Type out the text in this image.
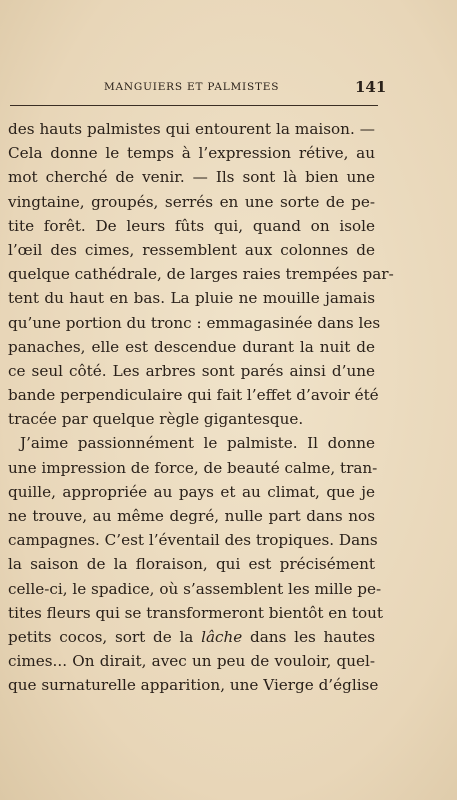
MANGUIERS ET PALMISTES	141
des hauts palmistes qui entourent la maison. —
Cela donne le temps à l’expression rétive, au
mot cherché de venir. — Ils sont là bien une
vingtaine, groupés, serrés en une sorte de pe-
tite forêt. De leurs fûts qui, quand on isole
l’œil des cimes, ressemblent aux colonnes de
quelque cathédrale, de larges raies trempées par-
tent du haut en bas. La pluie ne mouille jamais
qu’une portion du tronc : emmagasinée dans les
panaches, elle est descendue durant la nuit de
ce seul côté. Les arbres sont parés ainsi d’une
bande perpendiculaire qui fait l’effet d’avoir été
tracée par quelque règle gigantesque.
J’aime passionnément le palmiste. Il donne
une impression de force, de beauté calme, tran-
quille, appropriée au pays et au climat, que je
ne trouve, au même degré, nulle part dans nos
campagnes. C’est l’éventail des tropiques. Dans
la saison de la floraison, qui est précisément
celle-ci, le spadice, où s’assemblent les mille pe-
tites fleurs qui se transformeront bientôt en tout
petits cocos, sort de la lâche dans les hautes
cimes... On dirait, avec un peu de vouloir, quel-
que surnaturelle apparition, une Vierge d’église
